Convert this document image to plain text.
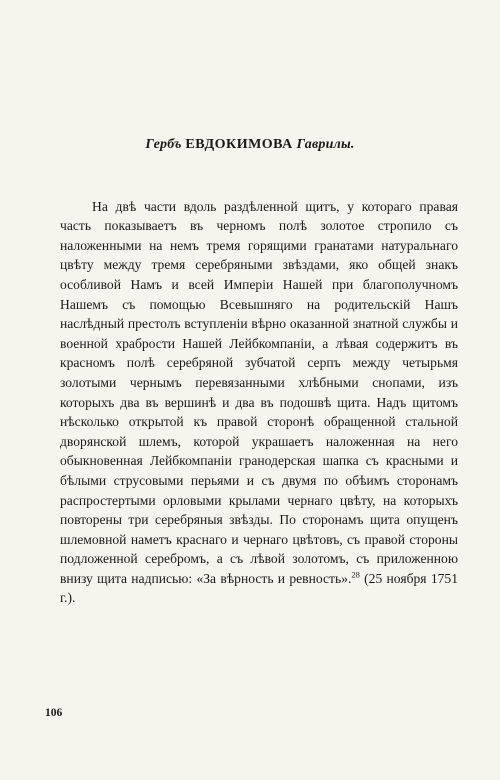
Гербъ ЕВДОКИМОВА Гаврилы.

На двѣ части вдоль раздѣленной щитъ, у котораго правая часть показываетъ въ черномъ полѣ золотое стропило съ наложенными на немъ тремя горящими гранатами натуральнаго цвѣту между тремя серебряными звѣздами, яко общей знакъ особливой Намъ и всей Имперіи Нашей при благополучномъ Нашемъ съ помощью Всевышняго на родительскій Нашъ наслѣдный престолъ вступленіи вѣрно оказанной знатной службы и военной храбрости Нашей Лейбкомпаніи, а лѣвая содержитъ въ красномъ полѣ серебряной зубчатой серпъ между четырьмя золотыми чернымъ перевязанными хлѣбными снопами, изъ которыхъ два въ вершинѣ и два въ подошвѣ щита. Надъ щитомъ нѣсколько открытой къ правой сторонѣ обращенной стальной дворянской шлемъ, которой украшаетъ наложенная на него обыкновенная Лейбкомпаніи гранодерская шапка съ красными и бѣлыми струсовыми перьями и съ двумя по обѣимъ сторонамъ распростертыми орловыми крылами чернаго цвѣту, на которыхъ повторены три серебряныя звѣзды. По сторонамъ щита опущенъ шлемовной наметъ краснаго и чернаго цвѣтовъ, съ правой стороны подложенной серебромъ, а съ лѣвой золотомъ, съ приложенною внизу щита надписью: «За вѣрность и ревность».$^{28}$ (25 ноября 1751 г.).

106
